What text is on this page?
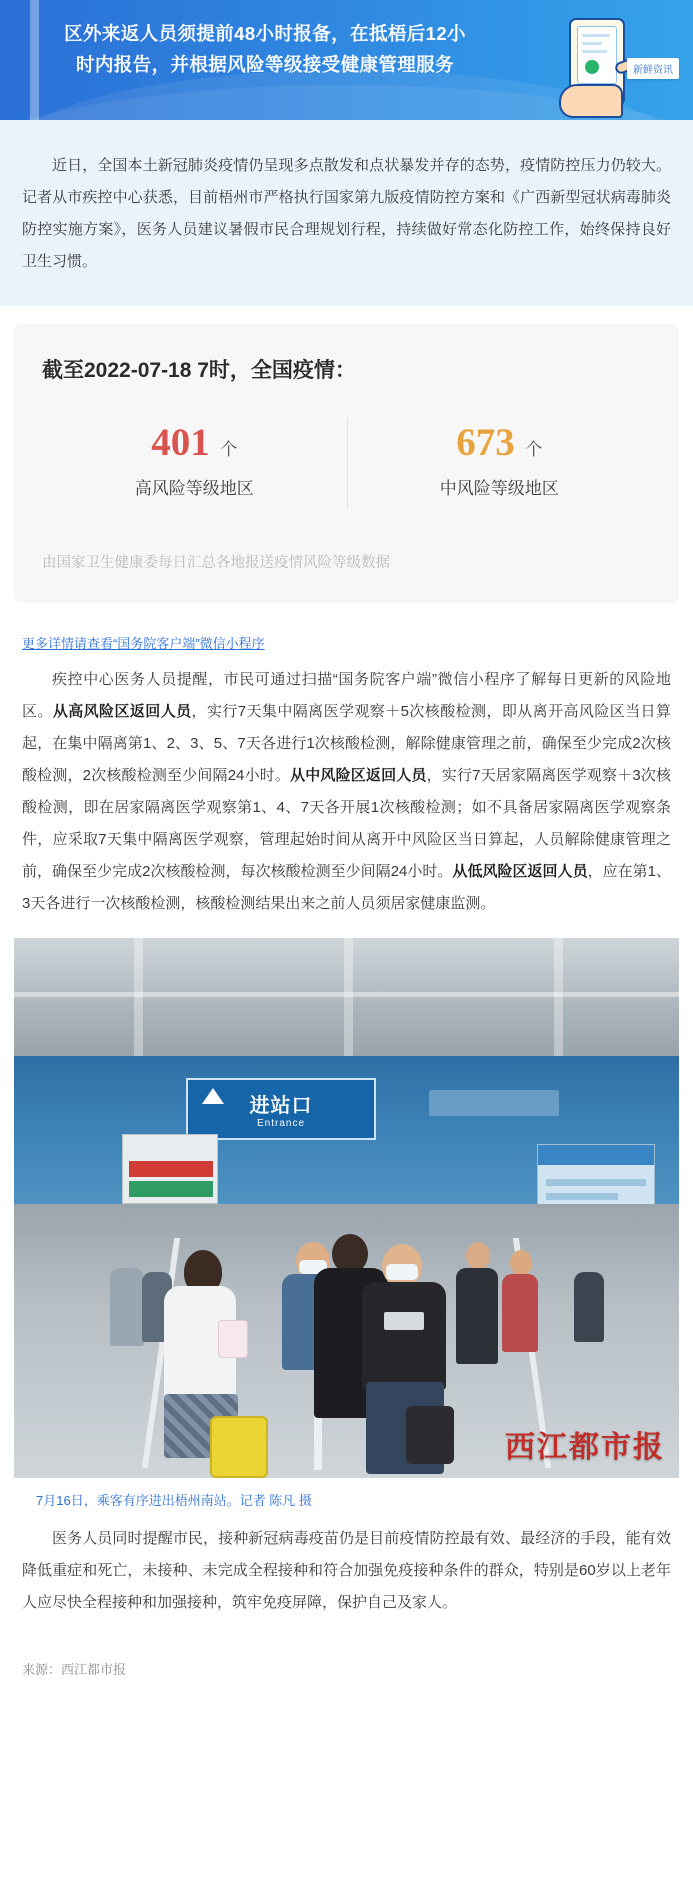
区外来返人员须提前48小时报备，在抵梧后12小时内报告，并根据风险等级接受健康管理服务	新鲜资讯

近日，全国本土新冠肺炎疫情仍呈现多点散发和点状暴发并存的态势，疫情防控压力仍较大。记者从市疾控中心获悉，目前梧州市严格执行国家第九版疫情防控方案和《广西新型冠状病毒肺炎防控实施方案》，医务人员建议暑假市民合理规划行程，持续做好常态化防控工作，始终保持良好卫生习惯。

截至2022-07-18 7时，全国疫情：
401 个
高风险等级地区
673 个
中风险等级地区
由国家卫生健康委每日汇总各地报送疫情风险等级数据
更多详情请查看“国务院客户端”微信小程序

疾控中心医务人员提醒，市民可通过扫描“国务院客户端”微信小程序了解每日更新的风险地区。从高风险区返回人员，实行7天集中隔离医学观察＋5次核酸检测，即从离开高风险区当日算起，在集中隔离第1、2、3、5、7天各进行1次核酸检测，解除健康管理之前，确保至少完成2次核酸检测，2次核酸检测至少间隔24小时。从中风险区返回人员，实行7天居家隔离医学观察＋3次核酸检测，即在居家隔离医学观察第1、4、7天各开展1次核酸检测；如不具备居家隔离医学观察条件，应采取7天集中隔离医学观察，管理起始时间从离开中风险区当日算起，人员解除健康管理之前，确保至少完成2次核酸检测，每次核酸检测至少间隔24小时。从低风险区返回人员，应在第1、3天各进行一次核酸检测，核酸检测结果出来之前人员须居家健康监测。

进站口
Entrance
西江都市报
7月16日，乘客有序进出梧州南站。记者 陈凡 摄

医务人员同时提醒市民，接种新冠病毒疫苗仍是目前疫情防控最有效、最经济的手段，能有效降低重症和死亡，未接种、未完成全程接种和符合加强免疫接种条件的群众，特别是60岁以上老年人应尽快全程接种和加强接种，筑牢免疫屏障，保护自己及家人。

来源：西江都市报
